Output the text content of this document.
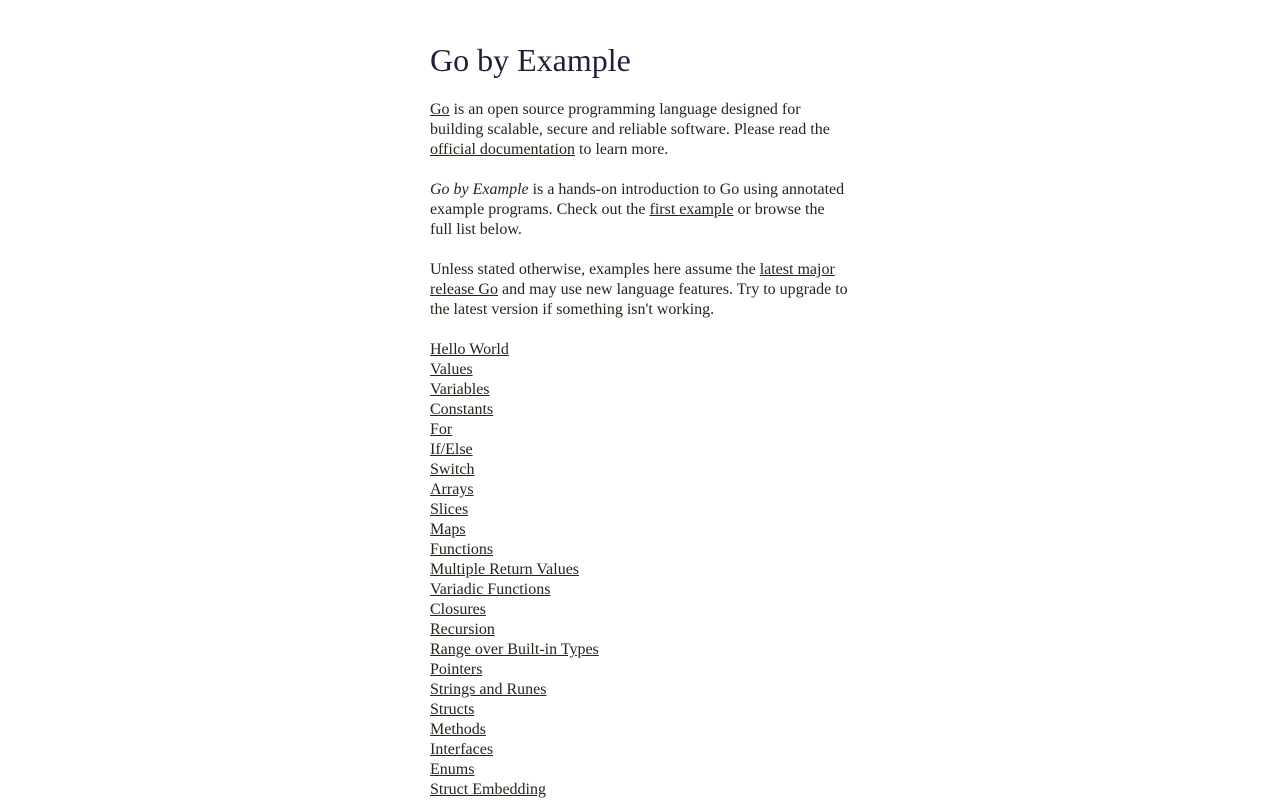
Go by Example

Go is an open source programming language designed for building scalable, secure and reliable software. Please read the official documentation to learn more.

Go by Example is a hands-on introduction to Go using annotated example programs. Check out the first example or browse the full list below.

Unless stated otherwise, examples here assume the latest major release Go and may use new language features. Try to upgrade to the latest version if something isn't working.

Hello World
Values
Variables
Constants
For
If/Else
Switch
Arrays
Slices
Maps
Functions
Multiple Return Values
Variadic Functions
Closures
Recursion
Range over Built-in Types
Pointers
Strings and Runes
Structs
Methods
Interfaces
Enums
Struct Embedding
